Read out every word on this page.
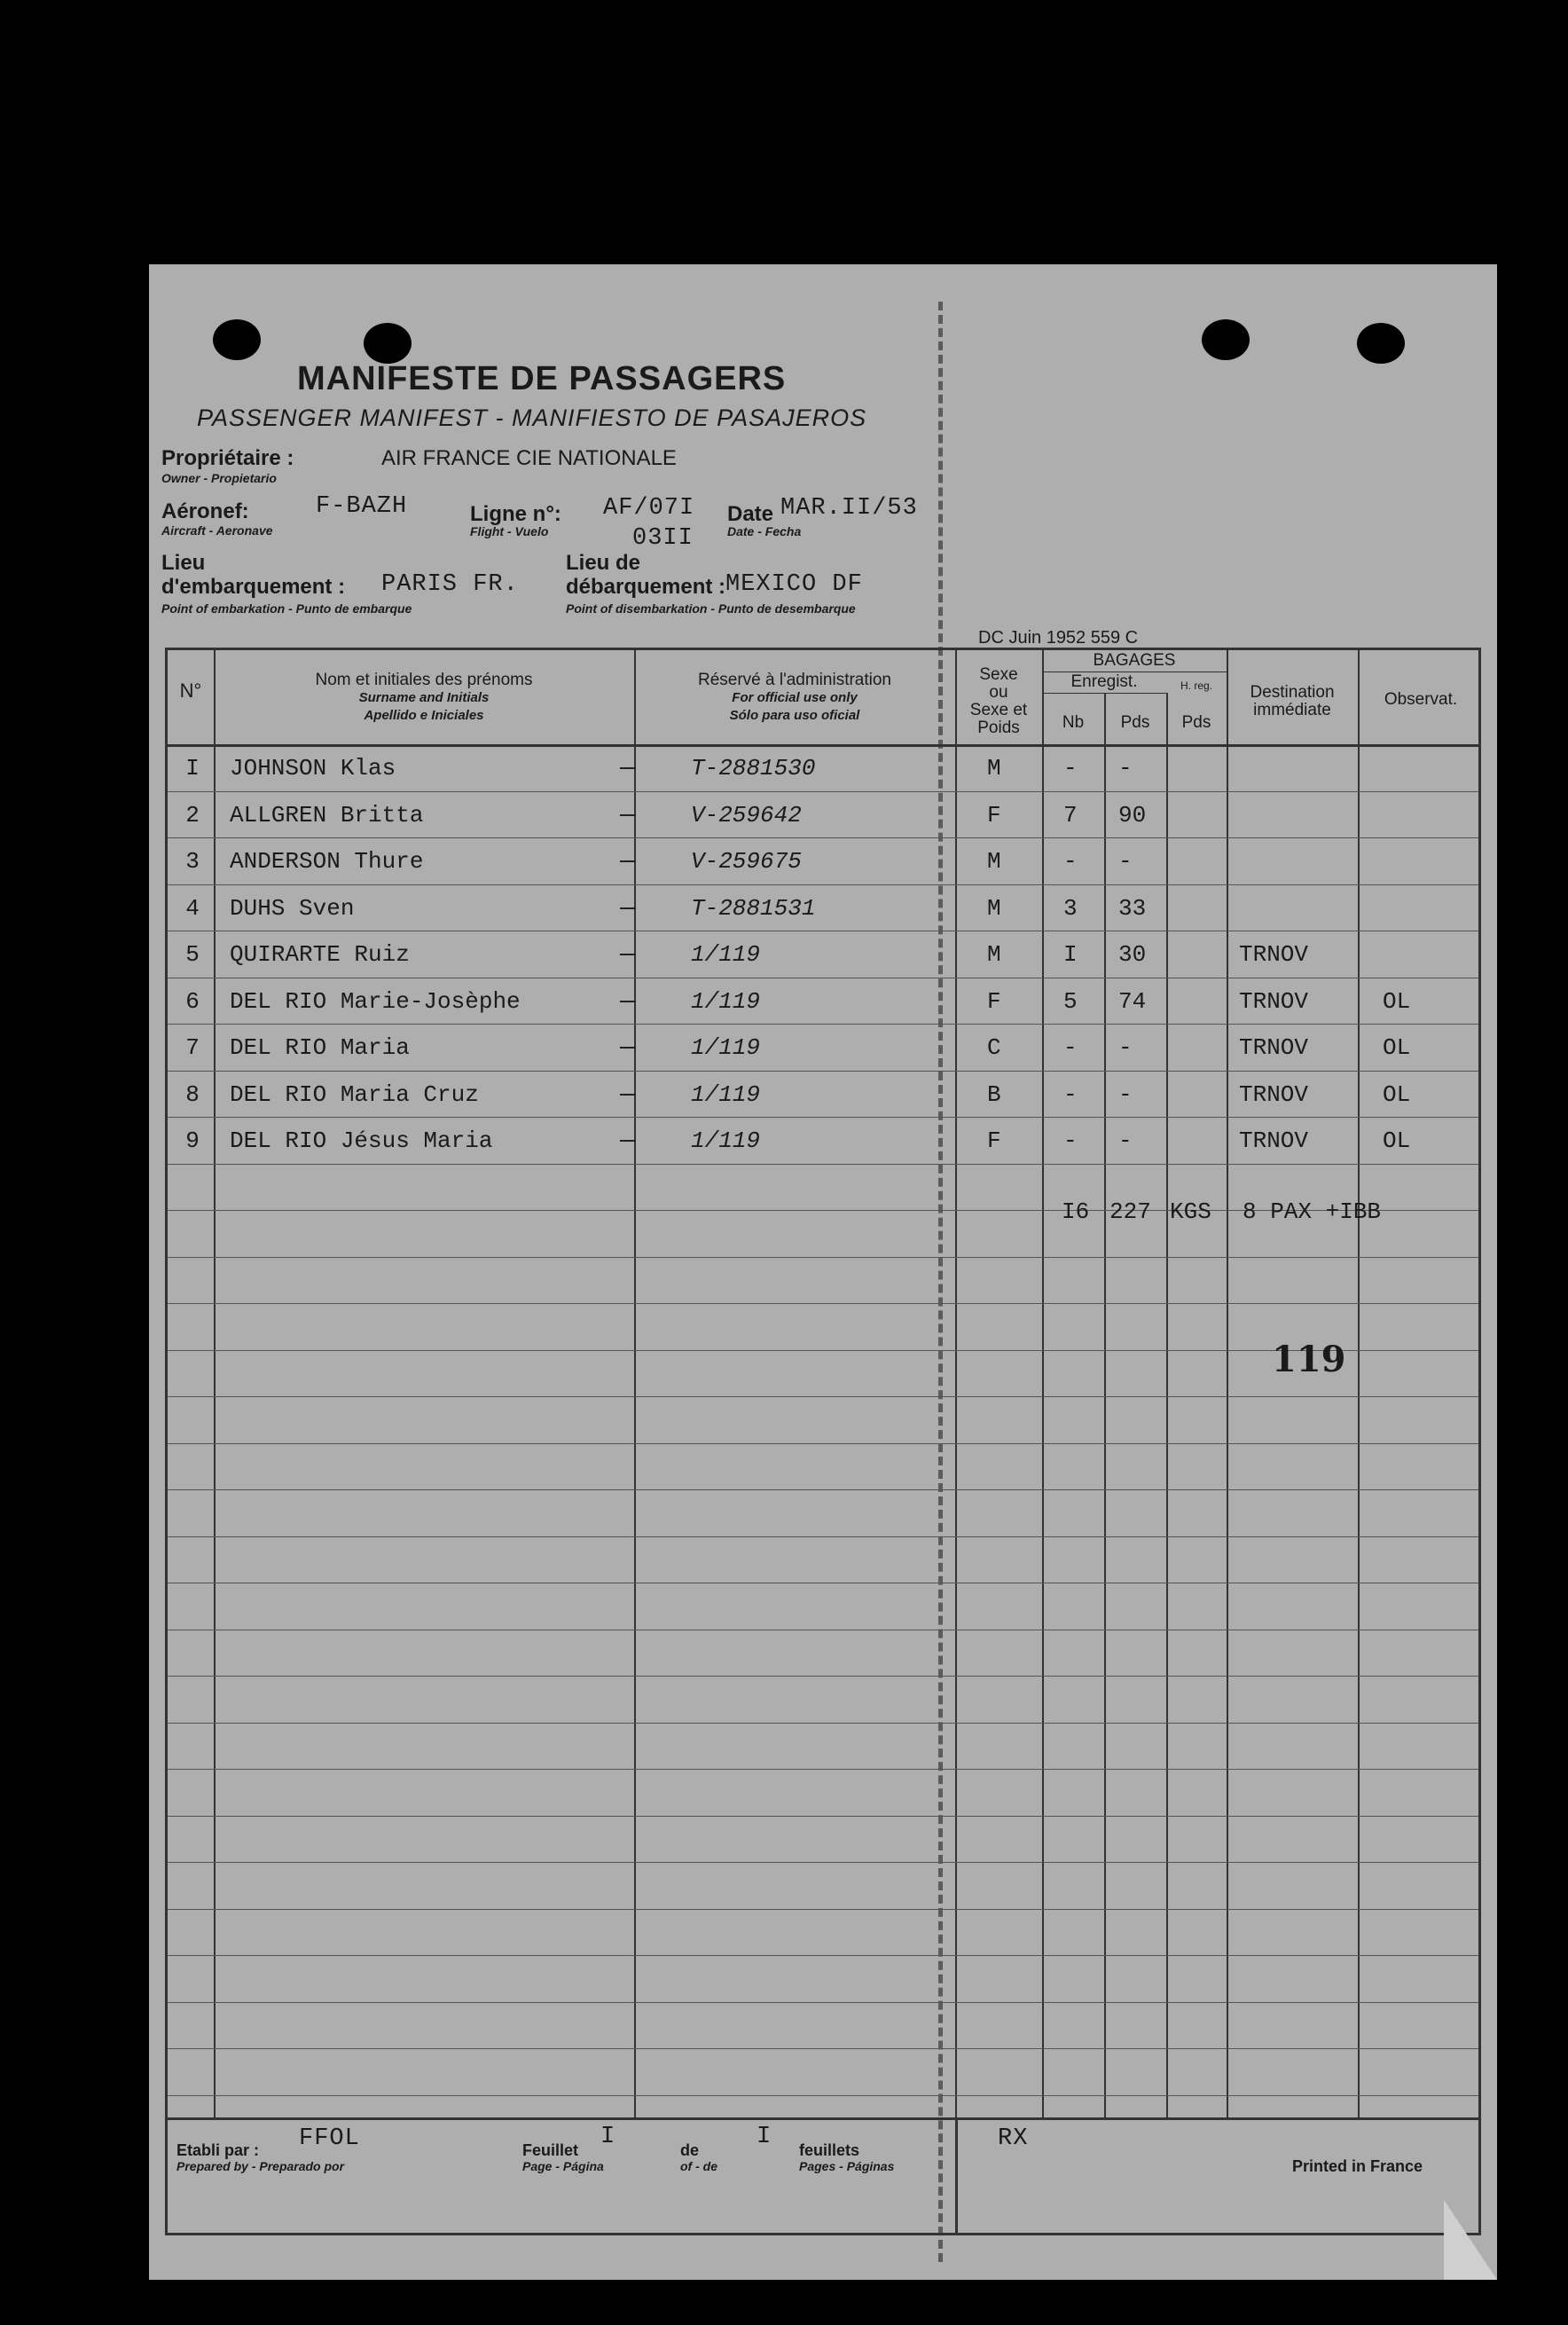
MANIFESTE DE PASSAGERS
PASSENGER MANIFEST - MANIFIESTO DE PASAJEROS
Propriétaire :
Owner - Propietario
AIR FRANCE CIE NATIONALE
Aéronef:
Aircraft - Aeronave
F-BAZH	Ligne n°:
Flight - Vuelo
AF/07I
03II
Date
Date - Fecha
MAR.II/53
Lieu
d'embarquement :
Point of embarkation - Punto de embarque
PARIS FR.
Lieu de
débarquement :
Point of disembarkation - Punto de desembarque
MEXICO DF
DC Juin 1952 559 C
N°	Nom et initiales des prénoms
Surname and Initials
Apellido e Iniciales
Réservé à l'administration
For official use only
Sólo para uso oficial
Sexe
ou
Sexe et
Poids
BAGAGES
Enregist.	H. reg.
Nb	Pds	Pds
Destination
immédiate
Observat.
I	JOHNSON Klas	T-2881530	M	- -
2	ALLGREN Britta	V-259642	F	7 90
3	ANDERSON Thure	V-259675	M	- -
4	DUHS Sven	T-2881531	M	3 33
5	QUIRARTE Ruiz	1/119	M	I 30	TRNOV
6	DEL RIO Marie-Josèphe	1/119	F	5 74	TRNOV	OL
7	DEL RIO Maria	1/119	C	- -	TRNOV	OL
8	DEL RIO Maria Cruz	1/119	B	- -	TRNOV	OL
9	DEL RIO Jésus Maria	1/119	F	- -	TRNOV	OL
I6 227 KGS 8 PAX +IBB
119
Etabli par :
Prepared by - Preparado por
FFOL	Feuillet
Page - Página
I	de
of - de
I feuillets
Pages - Páginas
RX
Printed in France
